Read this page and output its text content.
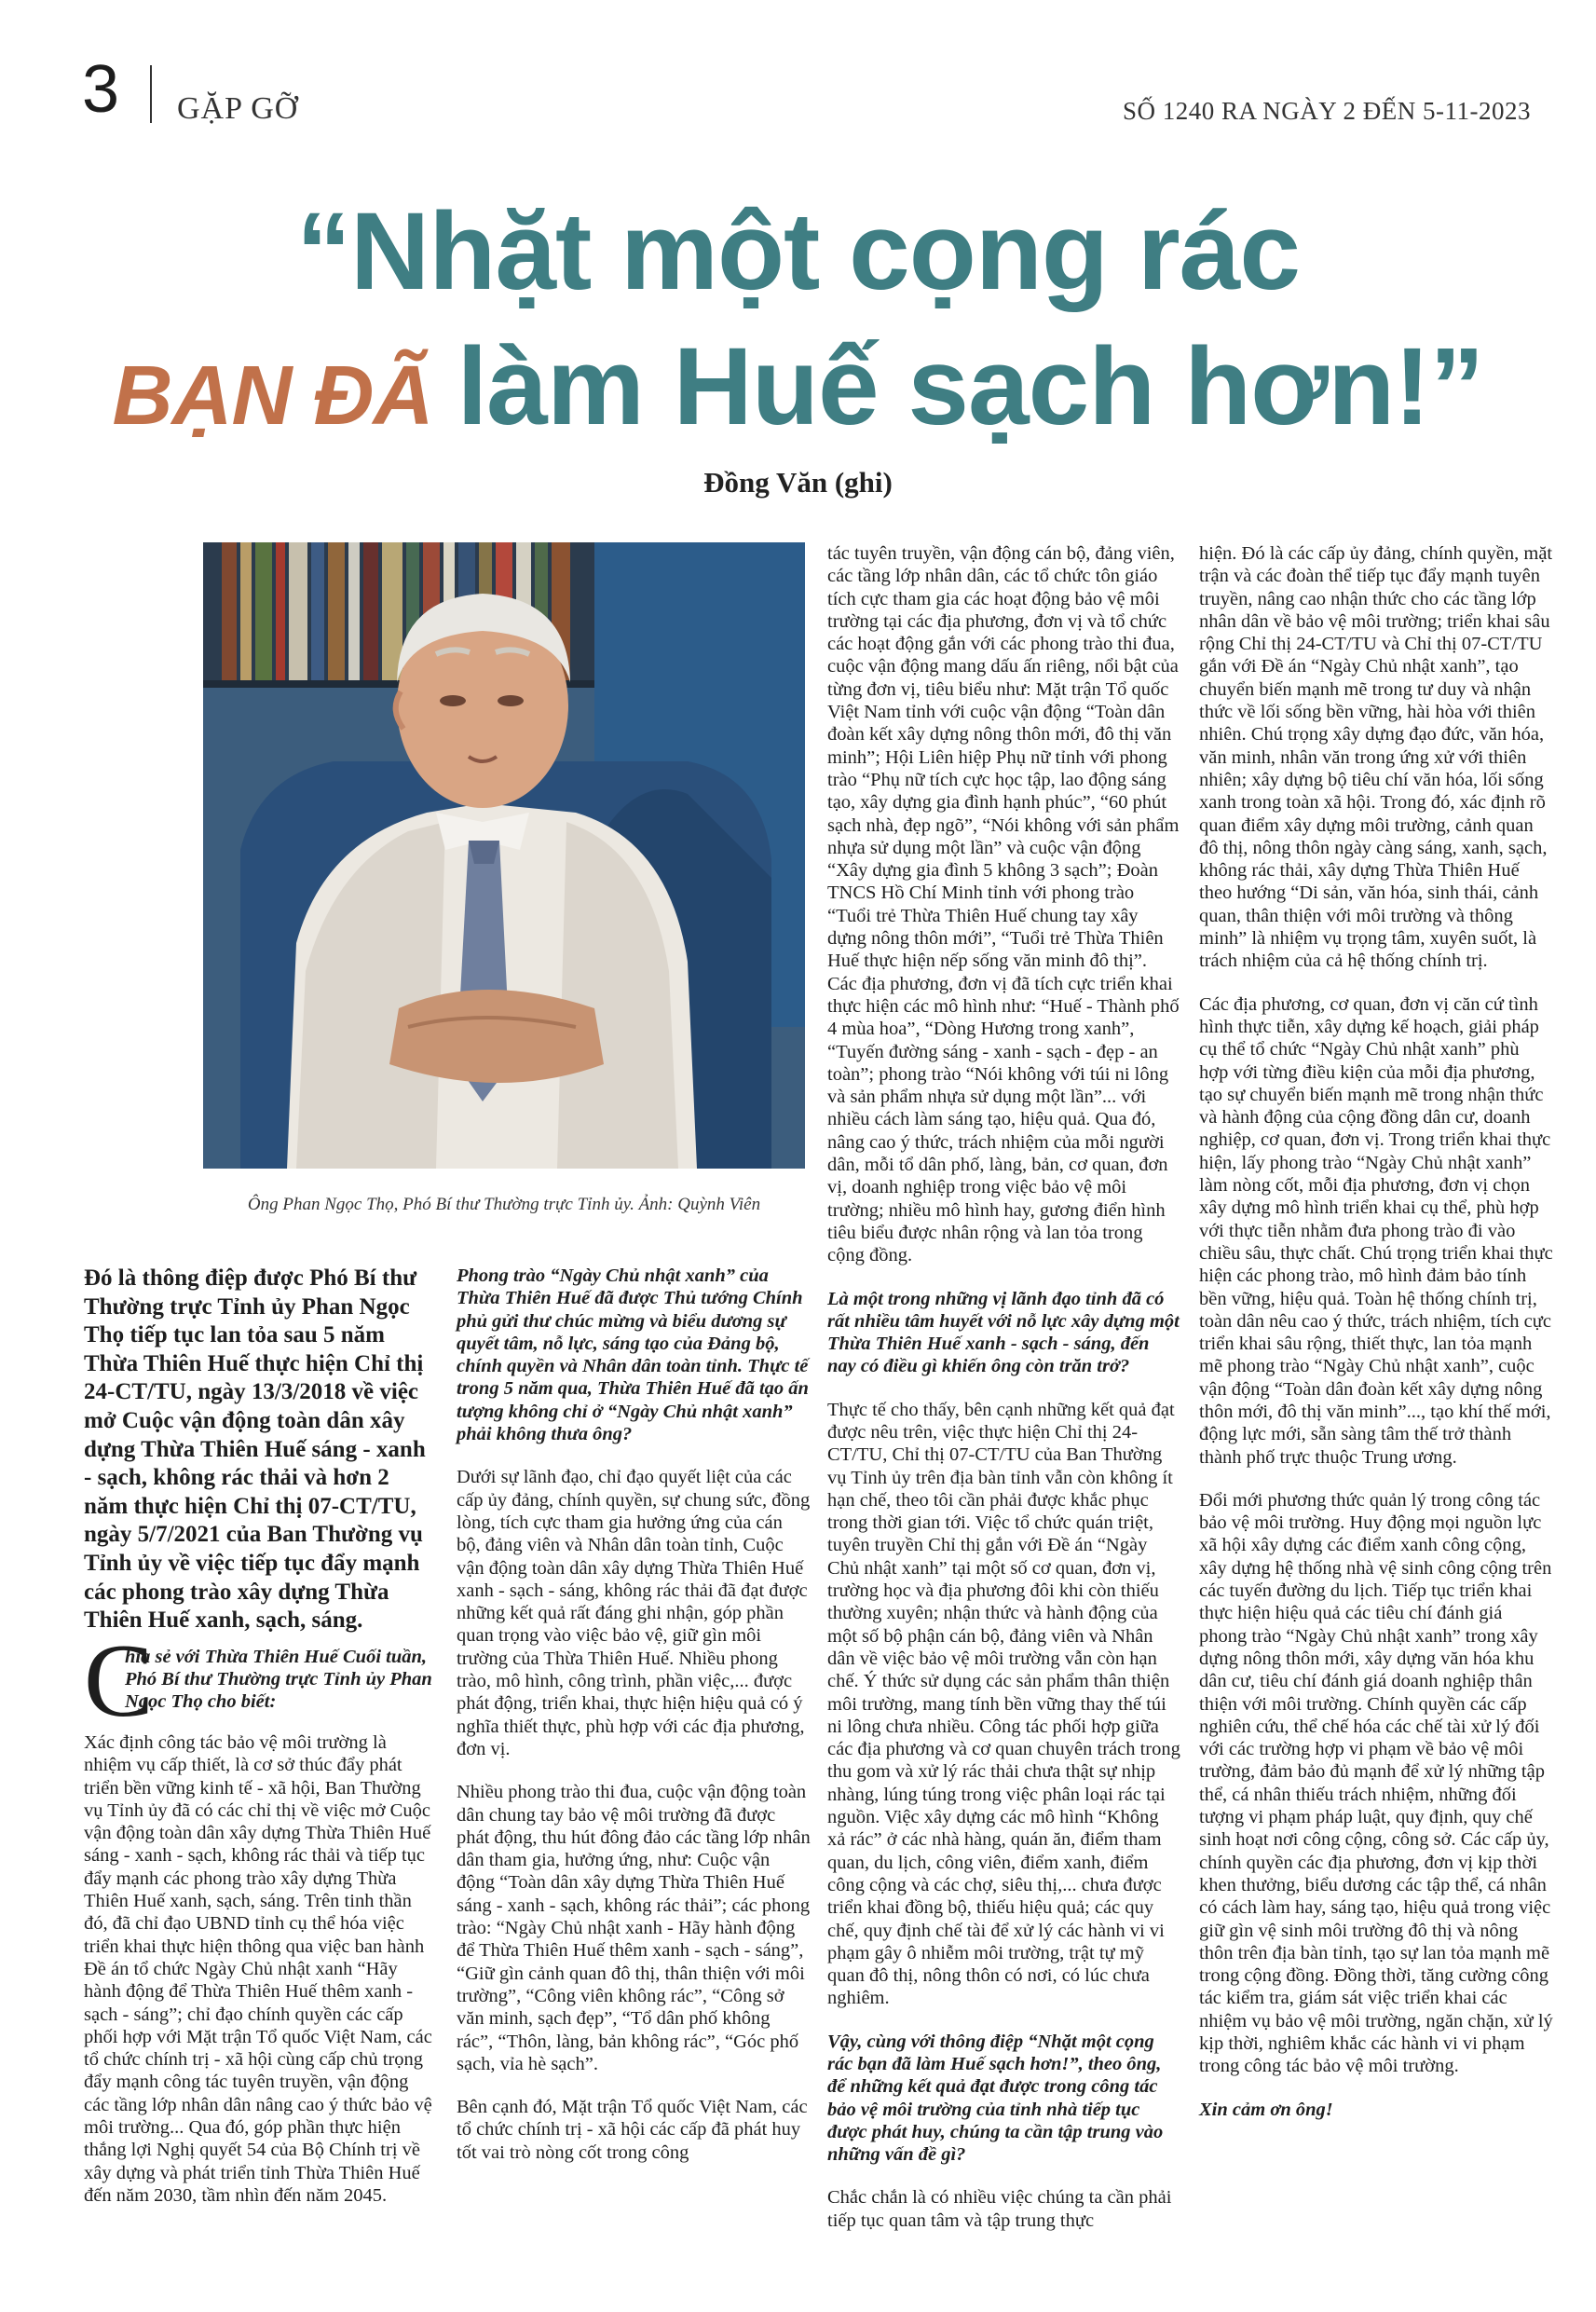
3 GẶP GỠ	SỐ 1240 RA NGÀY 2 ĐẾN 5-11-2023
“Nhặt một cọng rác
BẠN ĐÃ làm Huế sạch hơn!”
Đồng Văn (ghi)
Ông Phan Ngọc Thọ, Phó Bí thư Thường trực Tỉnh ủy. Ảnh: Quỳnh Viên
Đó là thông điệp được Phó Bí thư Thường trực Tỉnh ủy Phan Ngọc Thọ tiếp tục lan tỏa sau 5 năm Thừa Thiên Huế thực hiện Chỉ thị 24-CT/TU, ngày 13/3/2018 về việc mở Cuộc vận động toàn dân xây dựng Thừa Thiên Huế sáng - xanh - sạch, không rác thải và hơn 2 năm thực hiện Chỉ thị 07-CT/TU, ngày 5/7/2021 của Ban Thường vụ Tỉnh ủy về việc tiếp tục đẩy mạnh các phong trào xây dựng Thừa Thiên Huế xanh, sạch, sáng.
C
hia sẻ với Thừa Thiên Huế Cuối tuần, Phó Bí thư Thường trực Tỉnh ủy Phan Ngọc Thọ cho biết:

Xác định công tác bảo vệ môi trường là nhiệm vụ cấp thiết, là cơ sở thúc đẩy phát triển bền vững kinh tế - xã hội, Ban Thường vụ Tỉnh ủy đã có các chỉ thị về việc mở Cuộc vận động toàn dân xây dựng Thừa Thiên Huế sáng - xanh - sạch, không rác thải và tiếp tục đẩy mạnh các phong trào xây dựng Thừa Thiên Huế xanh, sạch, sáng. Trên tinh thần đó, đã chỉ đạo UBND tỉnh cụ thể hóa việc triển khai thực hiện thông qua việc ban hành Đề án tổ chức Ngày Chủ nhật xanh “Hãy hành động để Thừa Thiên Huế thêm xanh - sạch - sáng”; chỉ đạo chính quyền các cấp phối hợp với Mặt trận Tổ quốc Việt Nam, các tổ chức chính trị - xã hội cùng cấp chủ trọng đẩy mạnh công tác tuyên truyền, vận động các tầng lớp nhân dân nâng cao ý thức bảo vệ môi trường... Qua đó, góp phần thực hiện thắng lợi Nghị quyết 54 của Bộ Chính trị về xây dựng và phát triển tỉnh Thừa Thiên Huế đến năm 2030, tầm nhìn đến năm 2045.

Phong trào “Ngày Chủ nhật xanh” của Thừa Thiên Huế đã được Thủ tướng Chính phủ gửi thư chúc mừng và biểu dương sự quyết tâm, nỗ lực, sáng tạo của Đảng bộ, chính quyền và Nhân dân toàn tỉnh. Thực tế trong 5 năm qua, Thừa Thiên Huế đã tạo ấn tượng không chỉ ở “Ngày Chủ nhật xanh” phải không thưa ông?

Dưới sự lãnh đạo, chỉ đạo quyết liệt của các cấp ủy đảng, chính quyền, sự chung sức, đồng lòng, tích cực tham gia hưởng ứng của cán bộ, đảng viên và Nhân dân toàn tỉnh, Cuộc vận động toàn dân xây dựng Thừa Thiên Huế xanh - sạch - sáng, không rác thải đã đạt được những kết quả rất đáng ghi nhận, góp phần quan trọng vào việc bảo vệ, giữ gìn môi trường của Thừa Thiên Huế. Nhiều phong trào, mô hình, công trình, phần việc,... được phát động, triển khai, thực hiện hiệu quả có ý nghĩa thiết thực, phù hợp với các địa phương, đơn vị.

Nhiều phong trào thi đua, cuộc vận động toàn dân chung tay bảo vệ môi trường đã được phát động, thu hút đông đảo các tầng lớp nhân dân tham gia, hưởng ứng, như: Cuộc vận động “Toàn dân xây dựng Thừa Thiên Huế sáng - xanh - sạch, không rác thải”; các phong trào: “Ngày Chủ nhật xanh - Hãy hành động để Thừa Thiên Huế thêm xanh - sạch - sáng”, “Giữ gìn cảnh quan đô thị, thân thiện với môi trường”, “Công viên không rác”, “Công sở văn minh, sạch đẹp”, “Tổ dân phố không rác”, “Thôn, làng, bản không rác”, “Góc phố sạch, vỉa hè sạch”.

Bên cạnh đó, Mặt trận Tổ quốc Việt Nam, các tổ chức chính trị - xã hội các cấp đã phát huy tốt vai trò nòng cốt trong công

tác tuyên truyền, vận động cán bộ, đảng viên, các tầng lớp nhân dân, các tổ chức tôn giáo tích cực tham gia các hoạt động bảo vệ môi trường tại các địa phương, đơn vị và tổ chức các hoạt động gắn với các phong trào thi đua, cuộc vận động mang dấu ấn riêng, nổi bật của từng đơn vị, tiêu biểu như: Mặt trận Tổ quốc Việt Nam tỉnh với cuộc vận động “Toàn dân đoàn kết xây dựng nông thôn mới, đô thị văn minh”; Hội Liên hiệp Phụ nữ tỉnh với phong trào “Phụ nữ tích cực học tập, lao động sáng tạo, xây dựng gia đình hạnh phúc”, “60 phút sạch nhà, đẹp ngõ”, “Nói không với sản phẩm nhựa sử dụng một lần” và cuộc vận động “Xây dựng gia đình 5 không 3 sạch”; Đoàn TNCS Hồ Chí Minh tỉnh với phong trào “Tuổi trẻ Thừa Thiên Huế chung tay xây dựng nông thôn mới”, “Tuổi trẻ Thừa Thiên Huế thực hiện nếp sống văn minh đô thị”. Các địa phương, đơn vị đã tích cực triển khai thực hiện các mô hình như: “Huế - Thành phố 4 mùa hoa”, “Dòng Hương trong xanh”, “Tuyến đường sáng - xanh - sạch - đẹp - an toàn”; phong trào “Nói không với túi ni lông và sản phẩm nhựa sử dụng một lần”... với nhiều cách làm sáng tạo, hiệu quả. Qua đó, nâng cao ý thức, trách nhiệm của mỗi người dân, mỗi tổ dân phố, làng, bản, cơ quan, đơn vị, doanh nghiệp trong việc bảo vệ môi trường; nhiều mô hình hay, gương điển hình tiêu biểu được nhân rộng và lan tỏa trong cộng đồng.

Là một trong những vị lãnh đạo tỉnh đã có rất nhiều tâm huyết với nỗ lực xây dựng một Thừa Thiên Huế xanh - sạch - sáng, đến nay có điều gì khiến ông còn trăn trở?

Thực tế cho thấy, bên cạnh những kết quả đạt được nêu trên, việc thực hiện Chỉ thị 24-CT/TU, Chỉ thị 07-CT/TU của Ban Thường vụ Tỉnh ủy trên địa bàn tỉnh vẫn còn không ít hạn chế, theo tôi cần phải được khắc phục trong thời gian tới. Việc tổ chức quán triệt, tuyên truyền Chỉ thị gắn với Đề án “Ngày Chủ nhật xanh” tại một số cơ quan, đơn vị, trường học và địa phương đôi khi còn thiếu thường xuyên; nhận thức và hành động của một số bộ phận cán bộ, đảng viên và Nhân dân về việc bảo vệ môi trường vẫn còn hạn chế. Ý thức sử dụng các sản phẩm thân thiện môi trường, mang tính bền vững thay thế túi ni lông chưa nhiều. Công tác phối hợp giữa các địa phương và cơ quan chuyên trách trong thu gom và xử lý rác thải chưa thật sự nhịp nhàng, lúng túng trong việc phân loại rác tại nguồn. Việc xây dựng các mô hình “Không xả rác” ở các nhà hàng, quán ăn, điểm tham quan, du lịch, công viên, điểm xanh, điểm công cộng và các chợ, siêu thị,... chưa được triển khai đồng bộ, thiếu hiệu quả; các quy chế, quy định chế tài để xử lý các hành vi vi phạm gây ô nhiễm môi trường, trật tự mỹ quan đô thị, nông thôn có nơi, có lúc chưa nghiêm.

Vậy, cùng với thông điệp “Nhặt một cọng rác bạn đã làm Huế sạch hơn!”, theo ông, để những kết quả đạt được trong công tác bảo vệ môi trường của tỉnh nhà tiếp tục được phát huy, chúng ta cần tập trung vào những vấn đề gì?

Chắc chắn là có nhiều việc chúng ta cần phải tiếp tục quan tâm và tập trung thực

hiện. Đó là các cấp ủy đảng, chính quyền, mặt trận và các đoàn thể tiếp tục đẩy mạnh tuyên truyền, nâng cao nhận thức cho các tầng lớp nhân dân về bảo vệ môi trường; triển khai sâu rộng Chỉ thị 24-CT/TU và Chỉ thị 07-CT/TU gắn với Đề án “Ngày Chủ nhật xanh”, tạo chuyển biến mạnh mẽ trong tư duy và nhận thức về lối sống bền vững, hài hòa với thiên nhiên. Chú trọng xây dựng đạo đức, văn hóa, văn minh, nhân văn trong ứng xử với thiên nhiên; xây dựng bộ tiêu chí văn hóa, lối sống xanh trong toàn xã hội. Trong đó, xác định rõ quan điểm xây dựng môi trường, cảnh quan đô thị, nông thôn ngày càng sáng, xanh, sạch, không rác thải, xây dựng Thừa Thiên Huế theo hướng “Di sản, văn hóa, sinh thái, cảnh quan, thân thiện với môi trường và thông minh” là nhiệm vụ trọng tâm, xuyên suốt, là trách nhiệm của cả hệ thống chính trị.

Các địa phương, cơ quan, đơn vị căn cứ tình hình thực tiễn, xây dựng kế hoạch, giải pháp cụ thể tổ chức “Ngày Chủ nhật xanh” phù hợp với từng điều kiện của mỗi địa phương, tạo sự chuyển biến mạnh mẽ trong nhận thức và hành động của cộng đồng dân cư, doanh nghiệp, cơ quan, đơn vị. Trong triển khai thực hiện, lấy phong trào “Ngày Chủ nhật xanh” làm nòng cốt, mỗi địa phương, đơn vị chọn xây dựng mô hình triển khai cụ thể, phù hợp với thực tiễn nhằm đưa phong trào đi vào chiều sâu, thực chất. Chú trọng triển khai thực hiện các phong trào, mô hình đảm bảo tính bền vững, hiệu quả. Toàn hệ thống chính trị, toàn dân nêu cao ý thức, trách nhiệm, tích cực triển khai sâu rộng, thiết thực, lan tỏa mạnh mẽ phong trào “Ngày Chủ nhật xanh”, cuộc vận động “Toàn dân đoàn kết xây dựng nông thôn mới, đô thị văn minh”..., tạo khí thế mới, động lực mới, sẵn sàng tâm thế trở thành thành phố trực thuộc Trung ương.

Đổi mới phương thức quản lý trong công tác bảo vệ môi trường. Huy động mọi nguồn lực xã hội xây dựng các điểm xanh công cộng, xây dựng hệ thống nhà vệ sinh công cộng trên các tuyến đường du lịch. Tiếp tục triển khai thực hiện hiệu quả các tiêu chí đánh giá phong trào “Ngày Chủ nhật xanh” trong xây dựng nông thôn mới, xây dựng văn hóa khu dân cư, tiêu chí đánh giá doanh nghiệp thân thiện với môi trường. Chính quyền các cấp nghiên cứu, thể chế hóa các chế tài xử lý đối với các trường hợp vi phạm về bảo vệ môi trường, đảm bảo đủ mạnh để xử lý những tập thể, cá nhân thiếu trách nhiệm, những đối tượng vi phạm pháp luật, quy định, quy chế sinh hoạt nơi công cộng, công sở. Các cấp ủy, chính quyền các địa phương, đơn vị kịp thời khen thưởng, biểu dương các tập thể, cá nhân có cách làm hay, sáng tạo, hiệu quả trong việc giữ gìn vệ sinh môi trường đô thị và nông thôn trên địa bàn tỉnh, tạo sự lan tỏa mạnh mẽ trong cộng đồng. Đồng thời, tăng cường công tác kiểm tra, giám sát việc triển khai các nhiệm vụ bảo vệ môi trường, ngăn chặn, xử lý kịp thời, nghiêm khắc các hành vi vi phạm trong công tác bảo vệ môi trường.

Xin cảm ơn ông!
